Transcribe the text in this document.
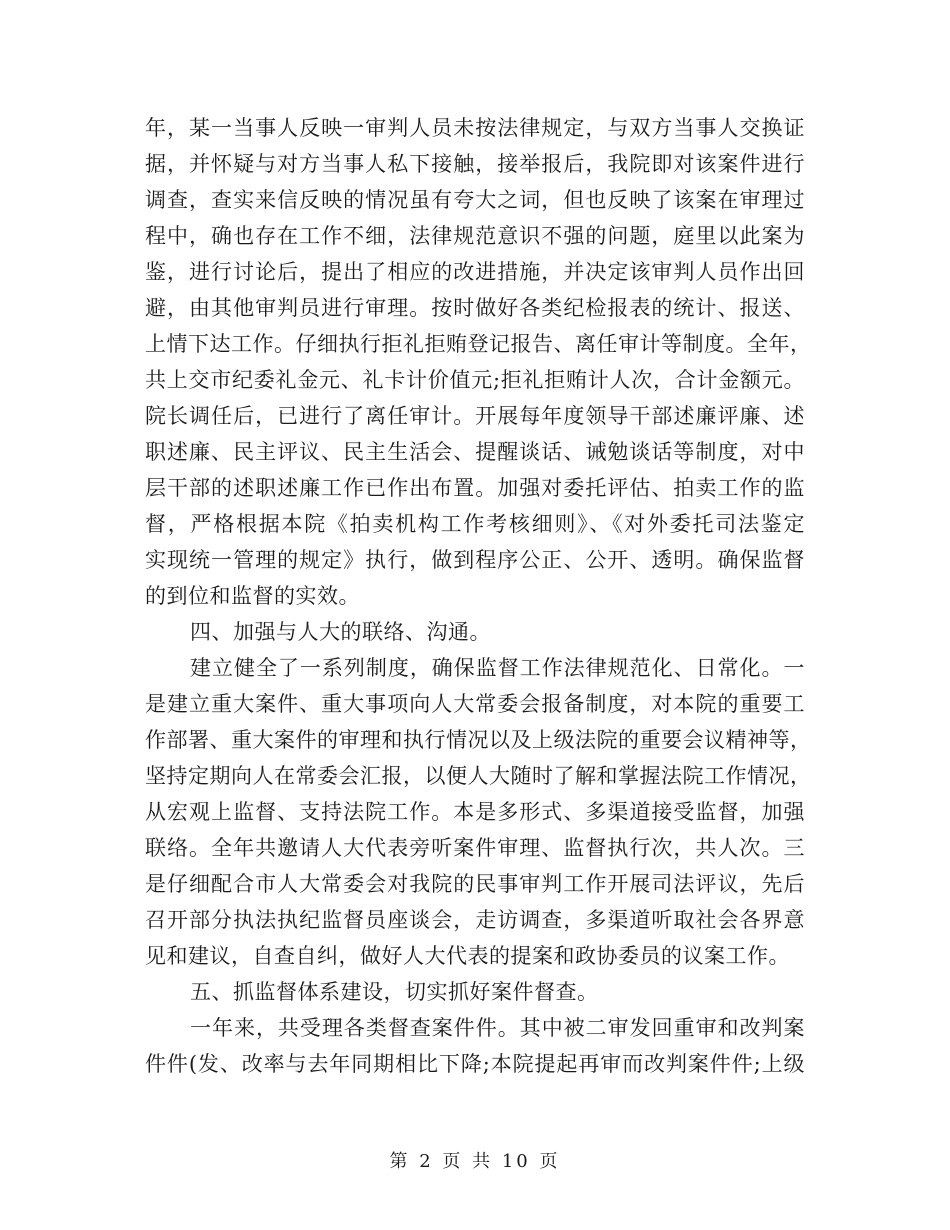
年，某一当事人反映一审判人员未按法律规定，与双方当事人交换证
据，并怀疑与对方当事人私下接触，接举报后，我院即对该案件进行
调查，查实来信反映的情况虽有夸大之词，但也反映了该案在审理过
程中，确也存在工作不细，法律规范意识不强的问题，庭里以此案为
鉴，进行讨论后，提出了相应的改进措施，并决定该审判人员作出回
避，由其他审判员进行审理。按时做好各类纪检报表的统计、报送、
上情下达工作。仔细执行拒礼拒贿登记报告、离任审计等制度。全年，
共上交市纪委礼金元、礼卡计价值元;拒礼拒贿计人次，合计金额元。
院长调任后，已进行了离任审计。开展每年度领导干部述廉评廉、述
职述廉、民主评议、民主生活会、提醒谈话、诫勉谈话等制度，对中
层干部的述职述廉工作已作出布置。加强对委托评估、拍卖工作的监
督，严格根据本院《拍卖机构工作考核细则》、《对外委托司法鉴定
实现统一管理的规定》执行，做到程序公正、公开、透明。确保监督
的到位和监督的实效。
四、加强与人大的联络、沟通。
建立健全了一系列制度，确保监督工作法律规范化、日常化。一
是建立重大案件、重大事项向人大常委会报备制度，对本院的重要工
作部署、重大案件的审理和执行情况以及上级法院的重要会议精神等，
坚持定期向人在常委会汇报，以便人大随时了解和掌握法院工作情况，
从宏观上监督、支持法院工作。本是多形式、多渠道接受监督，加强
联络。全年共邀请人大代表旁听案件审理、监督执行次，共人次。三
是仔细配合市人大常委会对我院的民事审判工作开展司法评议，先后
召开部分执法执纪监督员座谈会，走访调查，多渠道听取社会各界意
见和建议，自查自纠，做好人大代表的提案和政协委员的议案工作。
五、抓监督体系建设，切实抓好案件督查。
一年来，共受理各类督查案件件。其中被二审发回重审和改判案
件件(发、改率与去年同期相比下降;本院提起再审而改判案件件;上级
第 2 页 共 10 页
